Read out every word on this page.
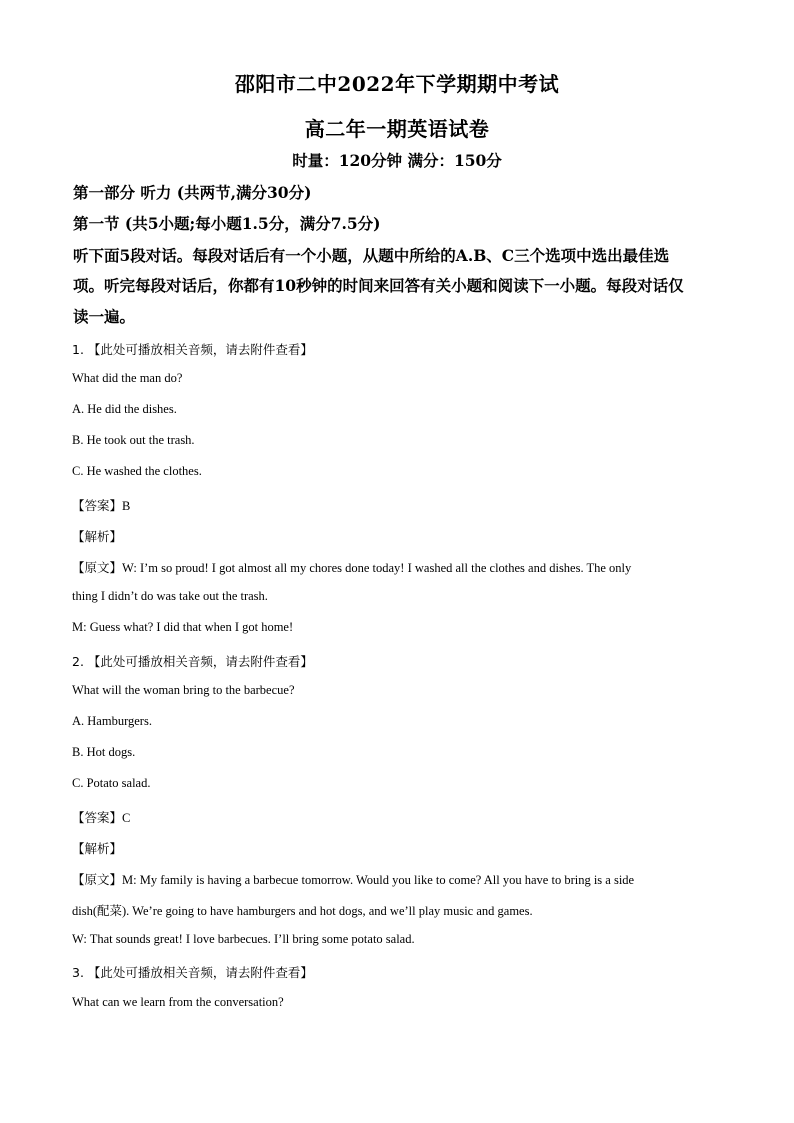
邵阳市二中2022年下学期期中考试
高二年一期英语试卷
时量：120分钟 满分：150分
第一部分 听力 (共两节,满分30分)
第一节 (共5小题;每小题1.5分，满分7.5分)
听下面5段对话。每段对话后有一个小题，从题中所给的A.B、C三个选项中选出最佳选
项。听完每段对话后，你都有10秒钟的时间来回答有关小题和阅读下一小题。每段对话仅
读一遍。
1. 【此处可播放相关音频，请去附件查看】
What did the man do?
A. He did the dishes.
B. He took out the trash.
C. He washed the clothes.
【答案】B
【解析】
【原文】W: I’m so proud! I got almost all my chores done today! I washed all the clothes and dishes. The only
thing I didn’t do was take out the trash.
M: Guess what? I did that when I got home!
2. 【此处可播放相关音频，请去附件查看】
What will the woman bring to the barbecue?
A. Hamburgers.
B. Hot dogs.
C. Potato salad.
【答案】C
【解析】
【原文】M: My family is having a barbecue tomorrow. Would you like to come? All you have to bring is a side
dish(配菜). We’re going to have hamburgers and hot dogs, and we’ll play music and games.
W: That sounds great! I love barbecues. I’ll bring some potato salad.
3. 【此处可播放相关音频，请去附件查看】
What can we learn from the conversation?
